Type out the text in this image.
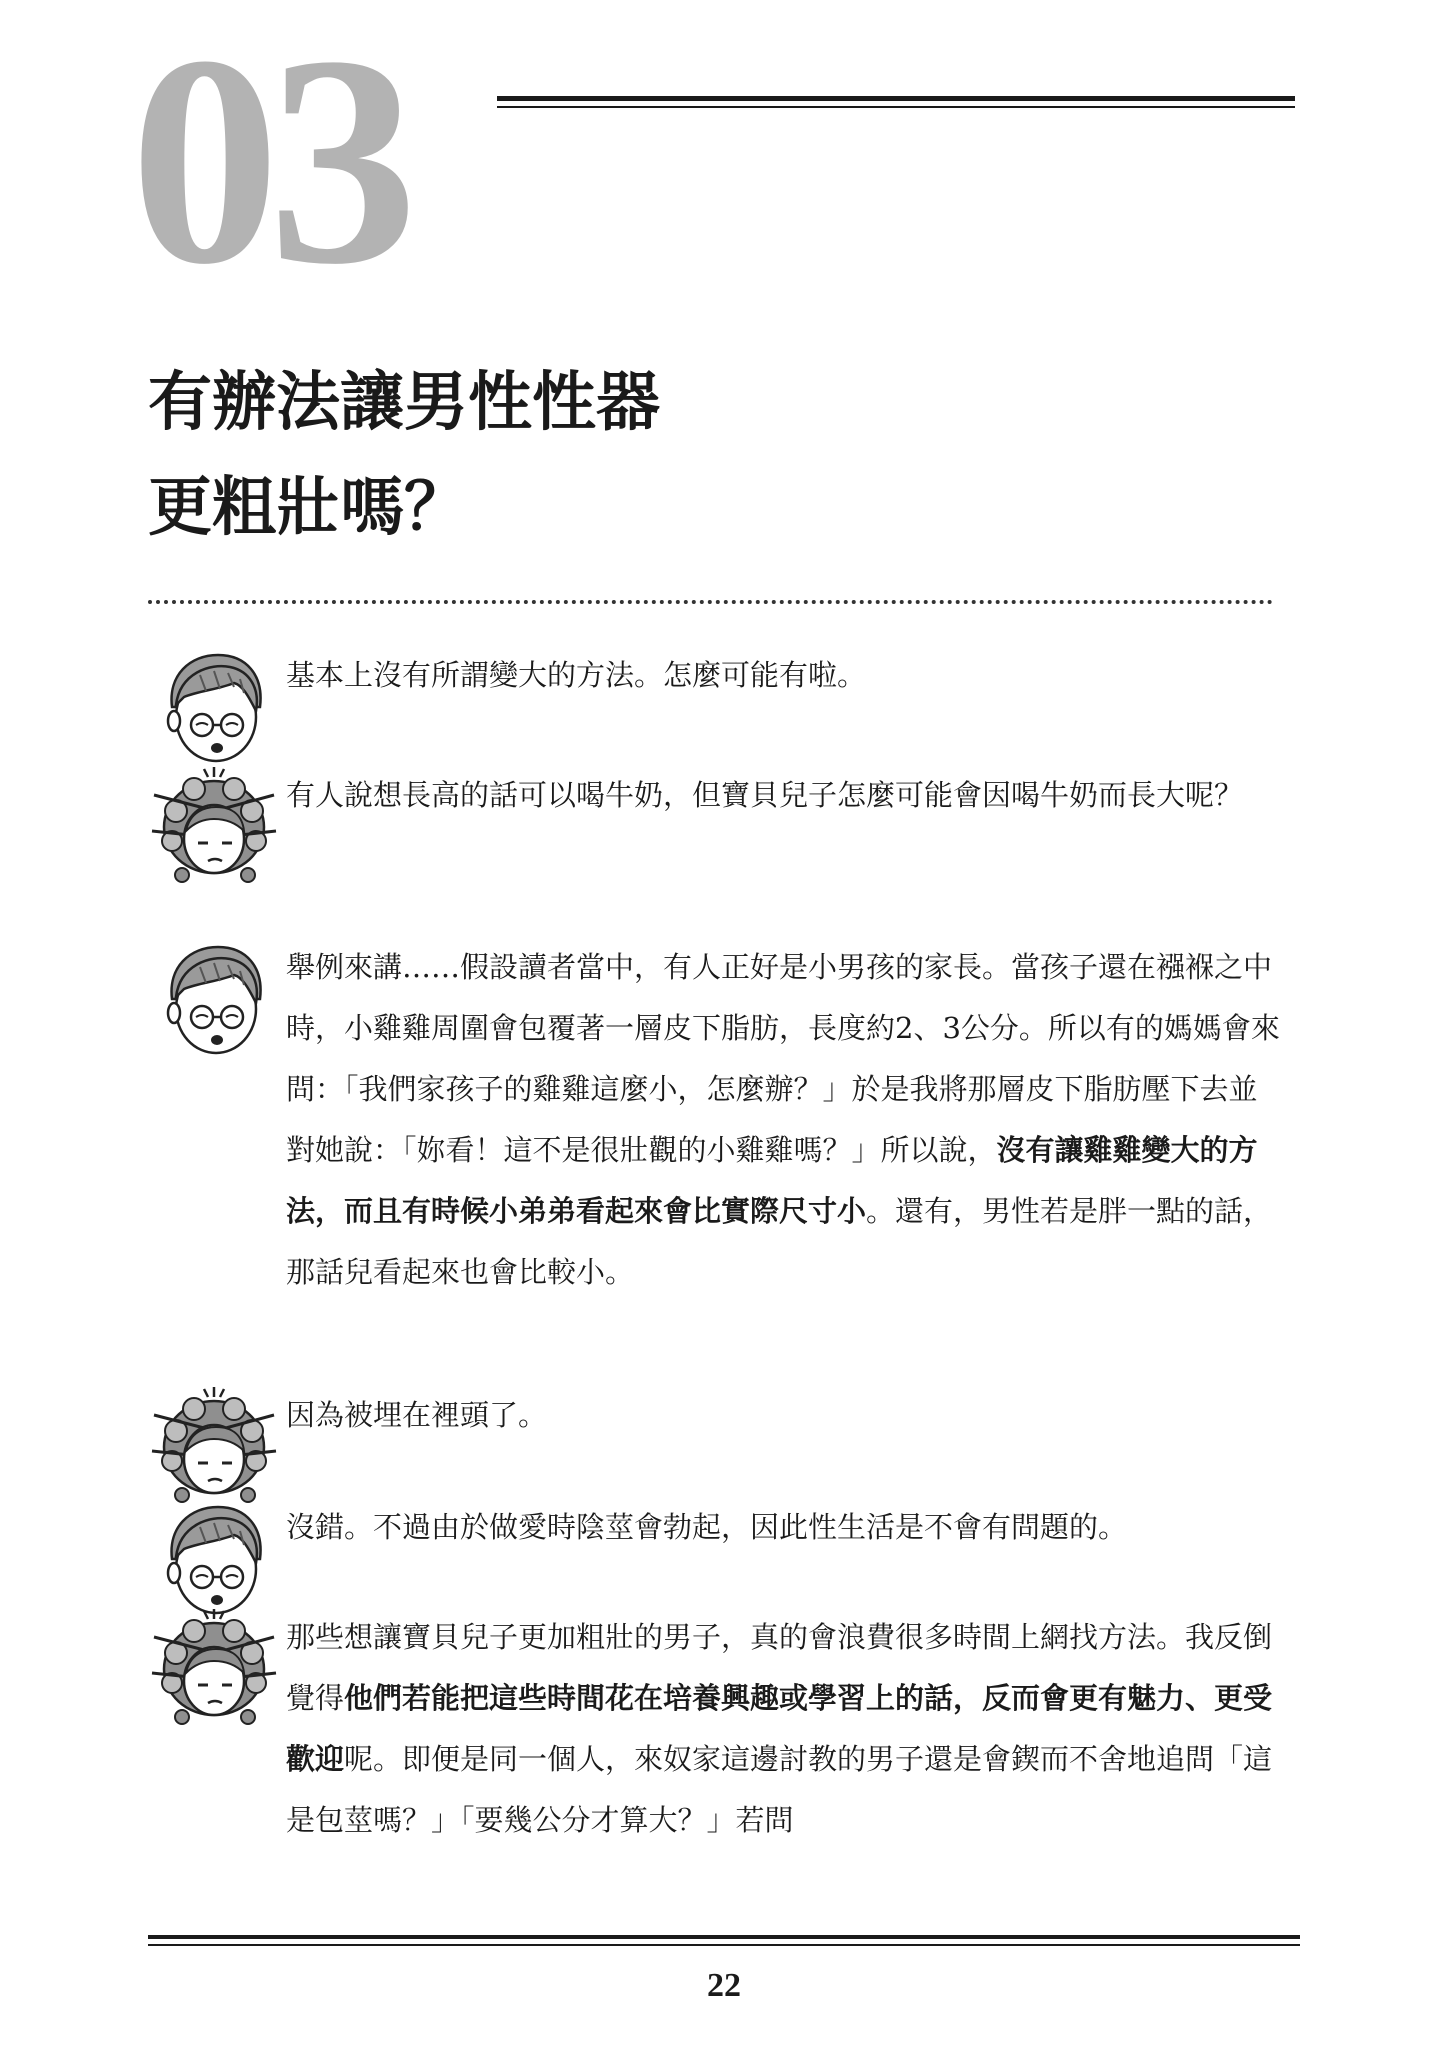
03
有辦法讓男性性器
更粗壯嗎？

基本上沒有所謂變大的方法。怎麼可能有啦。

有人說想長高的話可以喝牛奶，但寶貝兒子怎麼可能會因喝牛奶而長大呢？

舉例來講……假設讀者當中，有人正好是小男孩的家長。當孩子還在襁褓之中時，小雞雞周圍會包覆著一層皮下脂肪，長度約2、3公分。所以有的媽媽會來問：「我們家孩子的雞雞這麼小，怎麼辦？」於是我將那層皮下脂肪壓下去並對她說：「妳看！這不是很壯觀的小雞雞嗎？」所以說，沒有讓雞雞變大的方法，而且有時候小弟弟看起來會比實際尺寸小。還有，男性若是胖一點的話，那話兒看起來也會比較小。

因為被埋在裡頭了。

沒錯。不過由於做愛時陰莖會勃起，因此性生活是不會有問題的。

那些想讓寶貝兒子更加粗壯的男子，真的會浪費很多時間上網找方法。我反倒覺得他們若能把這些時間花在培養興趣或學習上的話，反而會更有魅力、更受歡迎呢。即便是同一個人，來奴家這邊討教的男子還是會鍥而不舍地追問「這是包莖嗎？」「要幾公分才算大？」若問

22
